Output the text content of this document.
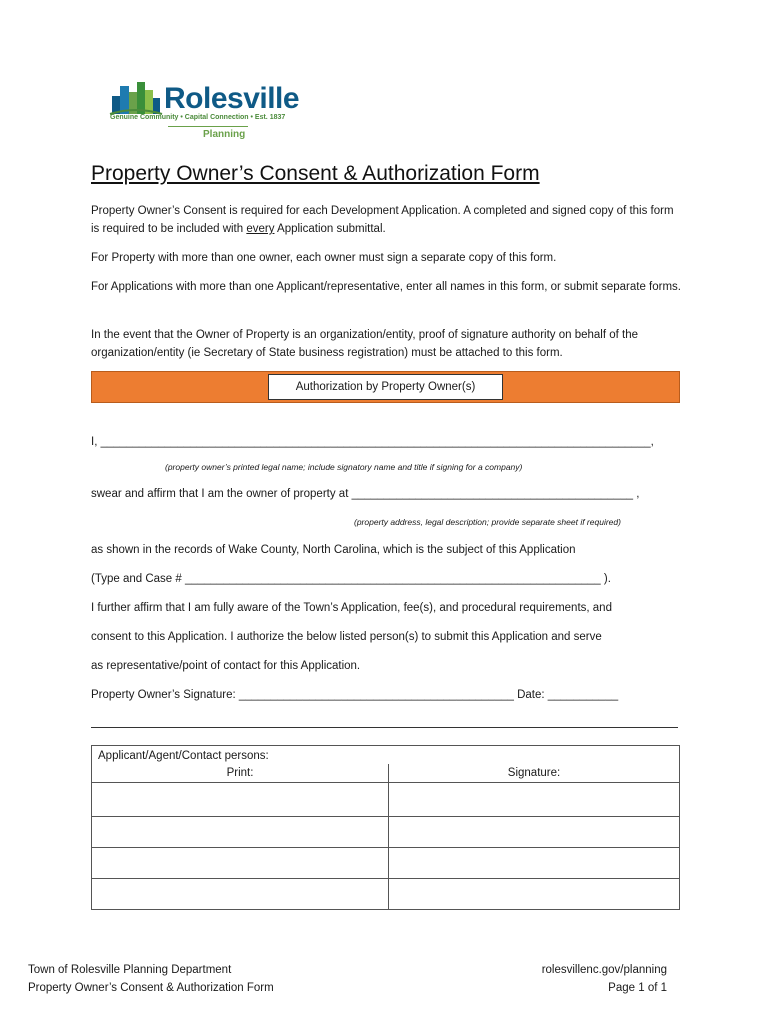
Rolesville
Genuine Community • Capital Connection • Est. 1837
Planning
Property Owner’s Consent & Authorization Form
Property Owner’s Consent is required for each Development Application. A completed and signed copy of this form is required to be included with every Application submittal.
For Property with more than one owner, each owner must sign a separate copy of this form.
For Applications with more than one Applicant/representative, enter all names in this form, or submit separate forms.
In the event that the Owner of Property is an organization/entity, proof of signature authority on behalf of the organization/entity (ie Secretary of State business registration) must be attached to this form.
Authorization by Property Owner(s)
I, ______________________________________________________________________________________,
(property owner’s printed legal name; include signatory name and title if signing for a company)
swear and affirm that I am the owner of property at ____________________________________________ ,
(property address, legal description; provide separate sheet if required)
as shown in the records of Wake County, North Carolina, which is the subject of this Application
(Type and Case # _________________________________________________________________ ).
I further affirm that I am fully aware of the Town’s Application, fee(s), and procedural requirements, and
consent to this Application. I authorize the below listed person(s) to submit this Application and serve
as representative/point of contact for this Application.
Property Owner’s Signature: ___________________________________________ Date: ___________
Applicant/Agent/Contact persons:	
Print:	Signature:

Town of Rolesville Planning Department
Property Owner’s Consent & Authorization Form
rolesvillenc.gov/planning
Page 1 of 1
